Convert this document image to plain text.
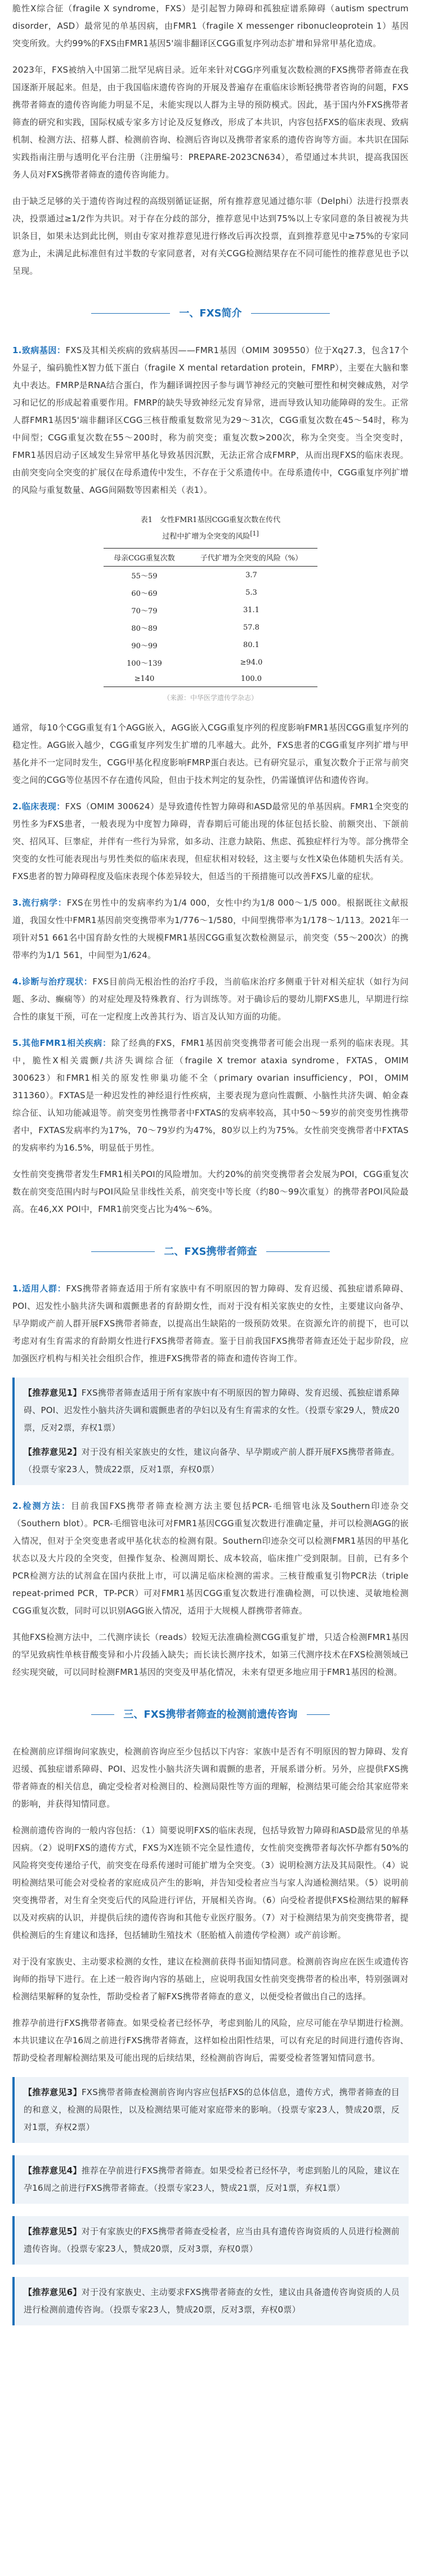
脆性X综合征（fragile X syndrome，FXS）是引起智力障碍和孤独症谱系障碍（autism spectrum disorder，ASD）最常见的单基因病，由FMR1（fragile X messenger ribonucleoprotein 1）基因突变所致。大约99%的FXS由FMR1基因5'端非翻译区CGG重复序列动态扩增和异常甲基化造成。

2023年，FXS被纳入中国第二批罕见病目录。近年来针对CGG序列重复次数检测的FXS携带者筛查在我国逐渐开展起来。但是，由于我国临床遗传咨询的开展及普遍存在重临床诊断轻携带者咨询的问题，FXS携带者筛查的遗传咨询能力明显不足，未能实现以人群为主导的预防模式。因此，基于国内外FXS携带者筛查的研究和实践，国际权威专家多方讨论及反复修改，形成了本共识，内容包括FXS的临床表现、致病机制、检测方法、招募人群、检测前咨询、检测后咨询以及携带者家系的遗传咨询等方面。本共识在国际实践指南注册与透明化平台注册（注册编号：PREPARE-2023CN634），希望通过本共识，提高我国医务人员对FXS携带者筛查的遗传咨询能力。

由于缺乏足够的关于遗传咨询过程的高级别循证证据，所有推荐意见通过德尔菲（Delphi）法进行投票表决，投票通过≥1/2作为共识。对于存在分歧的部分，推荐意见中达到75%以上专家同意的条目被视为共识条目，如果未达到此比例，则由专家对推荐意见进行修改后再次投票，直到推荐意见中≥75%的专家同意为止，未满足此标准但有过半数的专家同意者，对有关CGG检测结果存在不同可能性的推荐意见也予以呈现。

一、FXS简介

1.致病基因：FXS及其相关疾病的致病基因——FMR1基因（OMIM 309550）位于Xq27.3，包含17个外显子，编码脆性X智力低下蛋白（fragile X mental retardation protein，FMRP），主要在大脑和睾丸中表达。FMRP是RNA结合蛋白，作为翻译调控因子参与调节神经元的突触可塑性和树突棘成熟，对学习和记忆的形成起着重要作用。FMRP的缺失导致神经元发育异常，进而导致认知功能障碍的发生。正常人群FMR1基因5'端非翻译区CGG三核苷酸重复数常见为29～31次，CGG重复次数在45～54时，称为中间型；CGG重复次数在55～200时，称为前突变；重复次数>200次，称为全突变。当全突变时，FMR1基因启动子区域发生异常甲基化导致基因沉默，无法正常合成FMRP，从而出现FXS的临床表现。由前突变向全突变的扩展仅在母系遗传中发生，不存在于父系遗传中。在母系遗传中，CGG重复序列扩增的风险与重复数量、AGG间隔数等因素相关（表1）。

表1　女性FMR1基因CGG重复次数在传代
过程中扩增为全突变的风险[1]
母亲CGG重复次数	子代扩增为全突变的风险（%）
55～59	3.7
60～69	5.3
70～79	31.1
80～89	57.8
90～99	80.1
100～139	≥94.0
≥140	100.0
（来源：中华医学遗传学杂志）

通常，每10个CGG重复有1个AGG嵌入，AGG嵌入CGG重复序列的程度影响FMR1基因CGG重复序列的稳定性。AGG嵌入越少，CGG重复序列发生扩增的几率越大。此外，FXS患者的CGG重复序列扩增与甲基化并不一定同时发生，CGG甲基化程度影响FMRP蛋白表达。已有研究显示，重复次数介于正常与前突变之间的CGG等位基因不存在遗传风险，但由于技术判定的复杂性，仍需谨慎评估和遗传咨询。

2.临床表现：FXS（OMIM 300624）是导致遗传性智力障碍和ASD最常见的单基因病。FMR1全突变的男性多为FXS患者，一般表现为中度智力障碍，青春期后可能出现的体征包括长脸、前额突出、下颌前突、招风耳、巨睾症，并伴有一些行为异常，如多动、注意力缺陷、焦虑、孤独症样行为等。部分携带全突变的女性可能表现出与男性类似的临床表现，但症状相对较轻，这主要与女性X染色体随机失活有关。FXS患者的智力障碍程度及临床表现个体差异较大，但适当的干预措施可以改善FXS儿童的症状。

3.流行病学：FXS在男性中的发病率约为1/4 000，女性中约为1/8 000～1/5 000。根据既往文献报道，我国女性中FMR1基因前突变携带率为1/776～1/580，中间型携带率为1/178～1/113。2021年一项针对51 661名中国育龄女性的大规模FMR1基因CGG重复次数检测显示，前突变（55～200次）的携带率约为1/1 561，中间型为1/624。

4.诊断与治疗现状：FXS目前尚无根治性的治疗手段，当前临床治疗多侧重于针对相关症状（如行为问题、多动、癫痫等）的对症处理及特殊教育、行为训练等。对于确诊后的婴幼儿期FXS患儿，早期进行综合性的康复干预，可在一定程度上改善其行为、语言及认知方面的功能。

5.其他FMR1相关疾病：除了经典的FXS，FMR1基因前突变携带者可能会出现一系列的临床表现。其中，脆性X相关震颤/共济失调综合征（fragile X tremor ataxia syndrome，FXTAS，OMIM 300623）和FMR1相关的原发性卵巢功能不全（primary ovarian insufficiency，POI，OMIM 311360）。FXTAS是一种迟发性的神经退行性疾病，主要表现为意向性震颤、小脑性共济失调、帕金森综合征、认知功能减退等。前突变男性携带者中FXTAS的发病率较高，其中50～59岁的前突变男性携带者中，FXTAS发病率约为17%，70～79岁约为47%，80岁以上约为75%。女性前突变携带者中FXTAS的发病率约为16.5%，明显低于男性。

女性前突变携带者发生FMR1相关POI的风险增加。大约20%的前突变携带者会发展为POI，CGG重复次数在前突变范围内时与POI风险呈非线性关系，前突变中等长度（约80～99次重复）的携带者POI风险最高。在46,XX POI中，FMR1前突变占比为4%～6%。

二、FXS携带者筛查

1.适用人群：FXS携带者筛查适用于所有家族中有不明原因的智力障碍、发育迟缓、孤独症谱系障碍、POI、迟发性小脑共济失调和震颤患者的育龄期女性，而对于没有相关家族史的女性，主要建议向备孕、早孕期或产前人群开展FXS携带者筛查，以提高出生缺陷的一级预防效果。在资源允许的前提下，也可以考虑对有生育需求的育龄期女性进行FXS携带者筛查。鉴于目前我国FXS携带者筛查还处于起步阶段，应加强医疗机构与相关社会组织合作，推进FXS携带者的筛查和遗传咨询工作。

【推荐意见1】FXS携带者筛查适用于所有家族中有不明原因的智力障碍、发育迟缓、孤独症谱系障碍、POI、迟发性小脑共济失调和震颤患者的孕妇以及有生育需求的女性。（投票专家29人，赞成20票，反对2票，弃权1票）

【推荐意见2】对于没有相关家族史的女性，建议向备孕、早孕期或产前人群开展FXS携带者筛查。（投票专家23人，赞成22票，反对1票，弃权0票）

2.检测方法：目前我国FXS携带者筛查检测方法主要包括PCR-毛细管电泳及Southern印迹杂交（Southern blot）。PCR-毛细管电泳可对FMR1基因CGG重复次数进行准确定量，并可以检测AGG的嵌入情况，但对于全突变患者或甲基化状态的检测有限。Southern印迹杂交可以检测FMR1基因的甲基化状态以及大片段的全突变，但操作复杂、检测周期长、成本较高，临床推广受到限制。目前，已有多个PCR检测方法的试剂盒在国内获批上市，可以满足临床检测的需求。三核苷酸重复引物PCR法（triple repeat-primed PCR，TP-PCR）可对FMR1基因CGG重复次数进行准确检测，可以快速、灵敏地检测CGG重复次数，同时可以识别AGG嵌入情况，适用于大规模人群携带者筛查。

其他FXS检测方法中，二代测序读长（reads）较短无法准确检测CGG重复扩增，只适合检测FMR1基因的罕见致病性单核苷酸变异和小片段插入缺失；而长读长测序技术，如第三代测序技术在FXS检测领域已经实现突破，可以同时检测FMR1基因的突变及甲基化情况，未来有望更多地应用于FMR1基因的检测。

三、FXS携带者筛查的检测前遗传咨询

在检测前应详细询问家族史，检测前咨询应至少包括以下内容：家族中是否有不明原因的智力障碍、发育迟缓、孤独症谱系障碍、POI、迟发性小脑共济失调和震颤的患者，开展系谱分析。另外，应提供FXS携带者筛查的相关信息，确定受检者对检测目的、检测局限性等方面的理解，检测结果可能会给其家庭带来的影响，并获得知情同意。

检测前遗传咨询的一般内容包括：（1）简要说明FXS的临床表现，包括导致智力障碍和ASD最常见的单基因病。（2）说明FXS的遗传方式，FXS为X连锁不完全显性遗传，女性前突变携带者每次怀孕都有50%的风险将突变传递给子代，前突变在母系传递时可能扩增为全突变。（3）说明检测方法及其局限性。（4）说明检测结果可能会对受检者的家庭成员产生的影响，并告知受检者应当与家人沟通检测结果。（5）说明前突变携带者，对生育全突变后代的风险进行评估，开展相关咨询。（6）向受检者提供FXS检测结果的解释以及对疾病的认识，并提供后续的遗传咨询和其他专业医疗服务。（7）对于检测结果为前突变携带者，提供检测后的生育建议和选择，包括辅助生殖技术（胚胎植入前遗传学检测）或产前诊断。

对于没有家族史、主动要求检测的女性，建议在检测前获得书面知情同意。检测前咨询应在医生或遗传咨询师的指导下进行。在上述一般咨询内容的基础上，应说明我国女性前突变携带者的检出率，特别强调对检测结果解释的复杂性，帮助受检者了解FXS携带者筛查的意义，以便受检者做出自己的选择。

推荐孕前进行FXS携带者筛查。如果受检者已经怀孕，考虑到胎儿的风险，应尽可能在孕早期进行检测。本共识建议在孕16周之前进行FXS携带者筛查，这样如检出阳性结果，可以有充足的时间进行遗传咨询、帮助受检者理解检测结果及可能出现的后续结果，经检测前咨询后，需要受检者签署知情同意书。

【推荐意见3】FXS携带者筛查检测前咨询内容应包括FXS的总体信息，遗传方式，携带者筛查的目的和意义，检测的局限性，以及检测结果可能对家庭带来的影响。（投票专家23人，赞成20票，反对1票，弃权2票）

【推荐意见4】推荐在孕前进行FXS携带者筛查。如果受检者已经怀孕，考虑到胎儿的风险，建议在孕16周之前进行FXS携带者筛查。（投票专家23人，赞成21票，反对1票，弃权1票）

【推荐意见5】对于有家族史的FXS携带者筛查受检者，应当由具有遗传咨询资质的人员进行检测前遗传咨询。（投票专家23人，赞成20票，反对3票，弃权0票）

【推荐意见6】对于没有家族史、主动要求FXS携带者筛查的女性，建议由具备遗传咨询资质的人员进行检测前遗传咨询。（投票专家23人，赞成20票，反对3票，弃权0票）
